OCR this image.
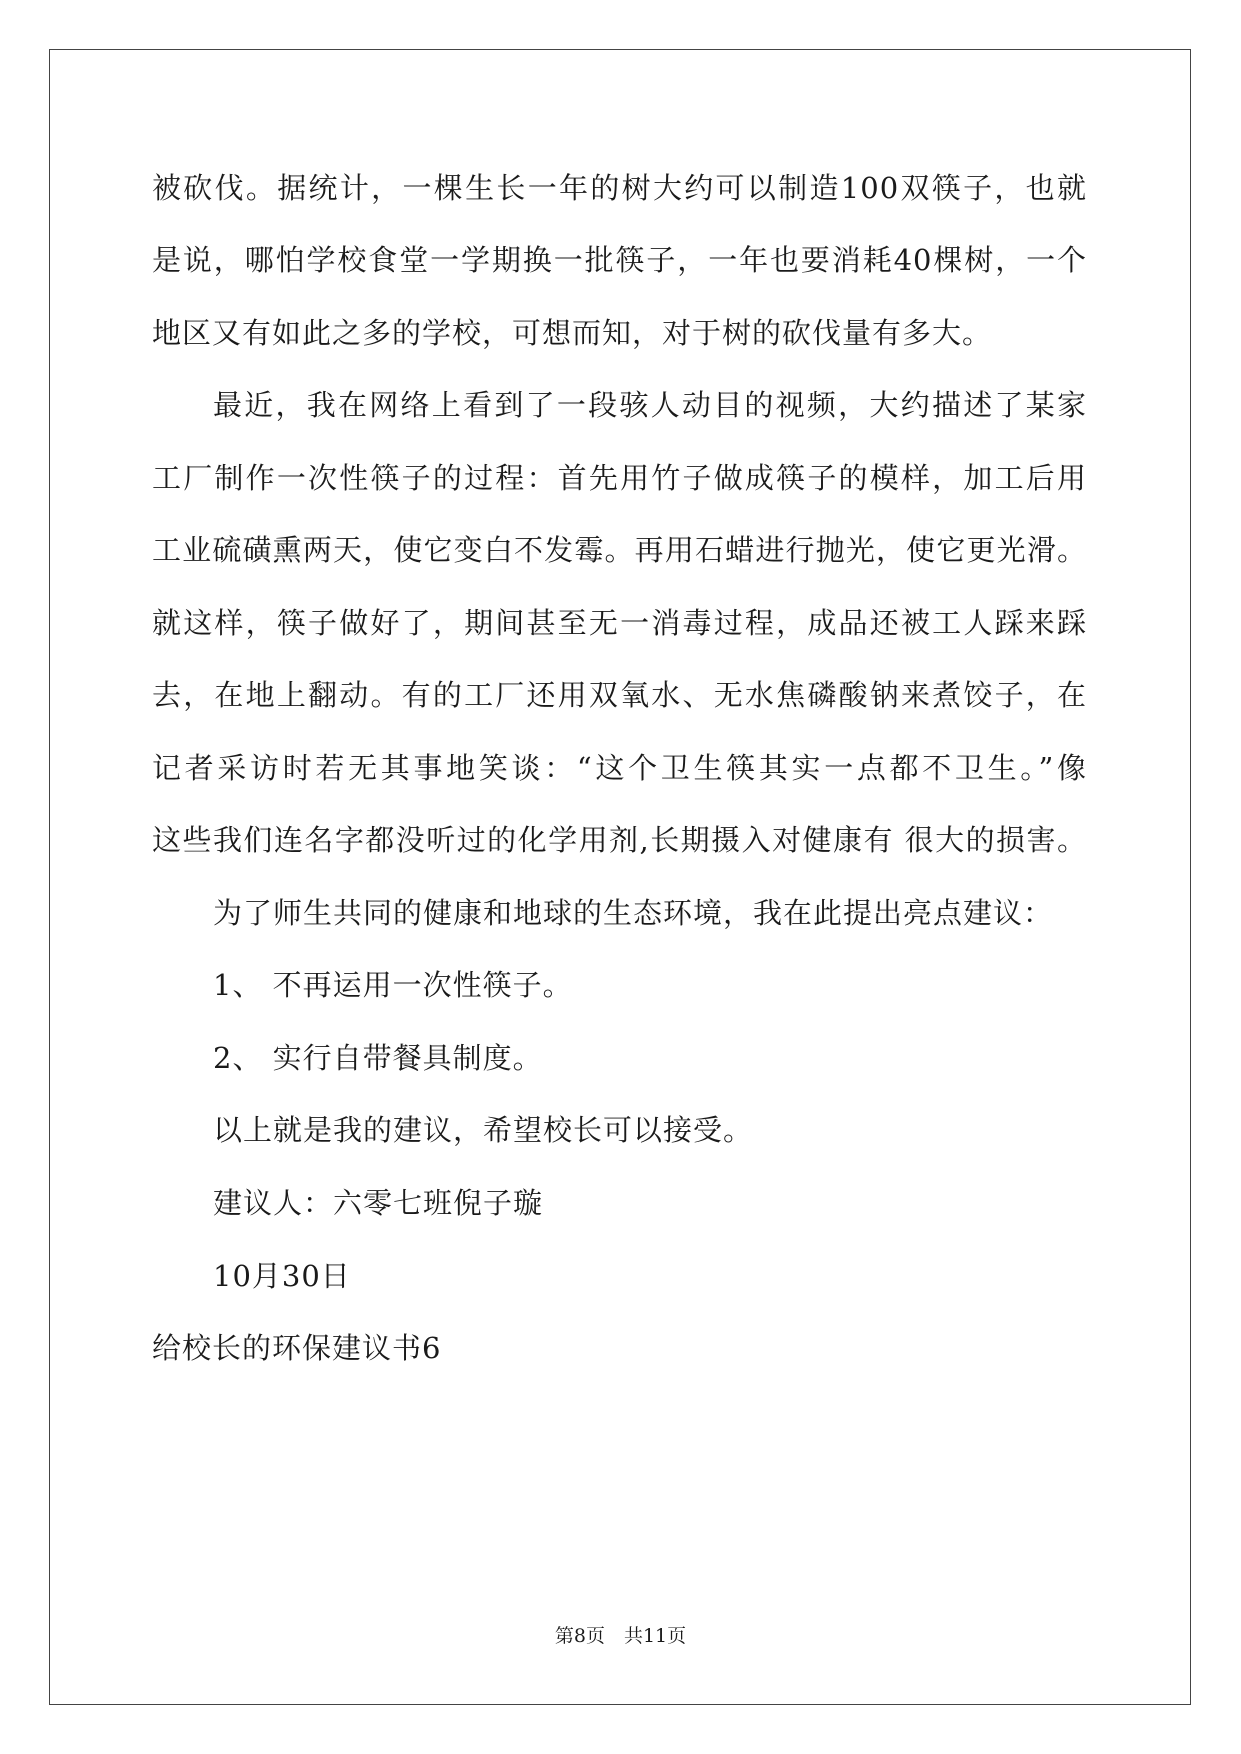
被砍伐。据统计，一棵生长一年的树大约可以制造100双筷子，也就
是说，哪怕学校食堂一学期换一批筷子，一年也要消耗40棵树，一个
地区又有如此之多的学校，可想而知，对于树的砍伐量有多大。
最近，我在网络上看到了一段骇人动目的视频，大约描述了某家
工厂制作一次性筷子的过程：首先用竹子做成筷子的模样，加工后用
工业硫磺熏两天，使它变白不发霉。再用石蜡进行抛光，使它更光滑。
就这样，筷子做好了，期间甚至无一消毒过程，成品还被工人踩来踩
去，在地上翻动。有的工厂还用双氧水、无水焦磷酸钠来煮饺子，在
记者采访时若无其事地笑谈：“这个卫生筷其实一点都不卫生。”像
这些我们连名字都没听过的化学用剂,长期摄入对健康有 很大的损害。
为了师生共同的健康和地球的生态环境，我在此提出亮点建议：
1、 不再运用一次性筷子。
2、 实行自带餐具制度。
以上就是我的建议，希望校长可以接受。
建议人：六零七班倪子璇
10月30日
给校长的环保建议书6
第8页　共11页
